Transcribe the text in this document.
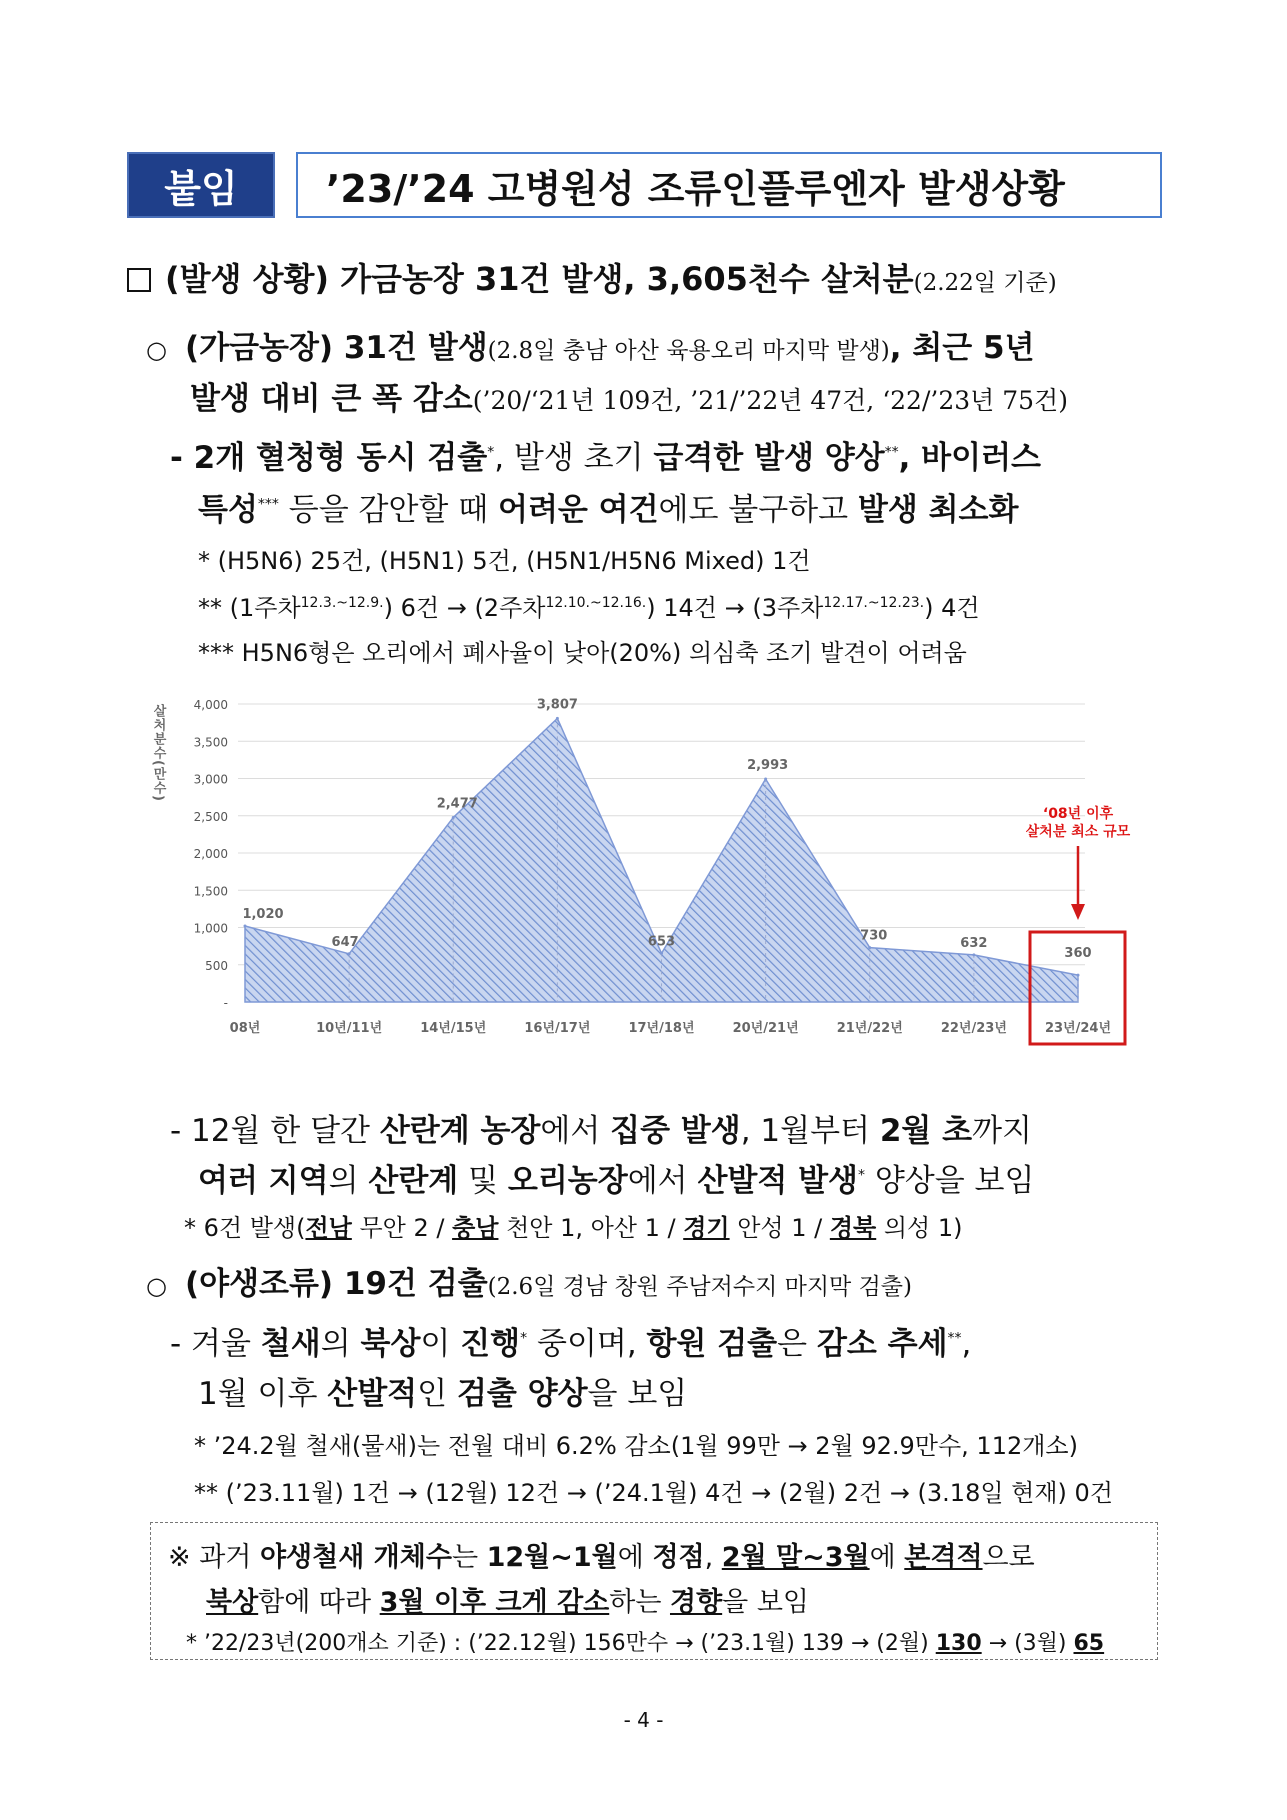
붙임	’23/’24 고병원성 조류인플루엔자 발생상황
(발생 상황) 가금농장 31건 발생, 3,605천수 살처분(2.22일 기준)
○ (가금농장) 31건 발생(2.8일 충남 아산 육용오리 마지막 발생), 최근 5년
발생 대비 큰 폭 감소(’20/‘21년 109건, ’21/’22년 47건, ‘22/’23년 75건)
- 2개 혈청형 동시 검출*, 발생 초기 급격한 발생 양상**, 바이러스
특성*** 등을 감안할 때 어려운 여건에도 불구하고 발생 최소화
* (H5N6) 25건, (H5N1) 5건, (H5N1/H5N6 Mixed) 1건
** (1주차$^{12.3.\sim 12.9.}$) 6건 → (2주차$^{12.10.\sim 12.16.}$) 14건 → (3주차$^{12.17.\sim 12.23.}$) 4건
*** H5N6형은 오리에서 폐사율이 낮아(20%) 의심축 조기 발견이 어려움
4,000
3,500
3,000
2,500
2,000
1,500
1,000
500
-
살처분수(만수)
1,020
647
2,477
3,807
653
2,993
730	632
360
08년	10년/11년	14년/15년	16년/17년	17년/18년	20년/21년	21년/22년	22년/23년	23년/24년
‘08년 이후
살처분 최소 규모
- 12월 한 달간 산란계 농장에서 집중 발생, 1월부터 2월 초까지
여러 지역의 산란계 및 오리농장에서 산발적 발생* 양상을 보임
* 6건 발생(전남 무안 2 / 충남 천안 1, 아산 1 / 경기 안성 1 / 경북 의성 1)
○ (야생조류) 19건 검출(2.6일 경남 창원 주남저수지 마지막 검출)
- 겨울 철새의 북상이 진행* 중이며, 항원 검출은 감소 추세**,
1월 이후 산발적인 검출 양상을 보임
* ’24.2월 철새(물새)는 전월 대비 6.2% 감소(1월 99만 → 2월 92.9만수, 112개소)
** (’23.11월) 1건 → (12월) 12건 → (’24.1월) 4건 → (2월) 2건 → (3.18일 현재) 0건
※ 과거 야생철새 개체수는 12월~1월에 정점, 2월 말~3월에 본격적으로
북상함에 따라 3월 이후 크게 감소하는 경향을 보임
* ’22/23년(200개소 기준) : (’22.12월) 156만수 → (’23.1월) 139 → (2월) 130 → (3월) 65
- 4 -
